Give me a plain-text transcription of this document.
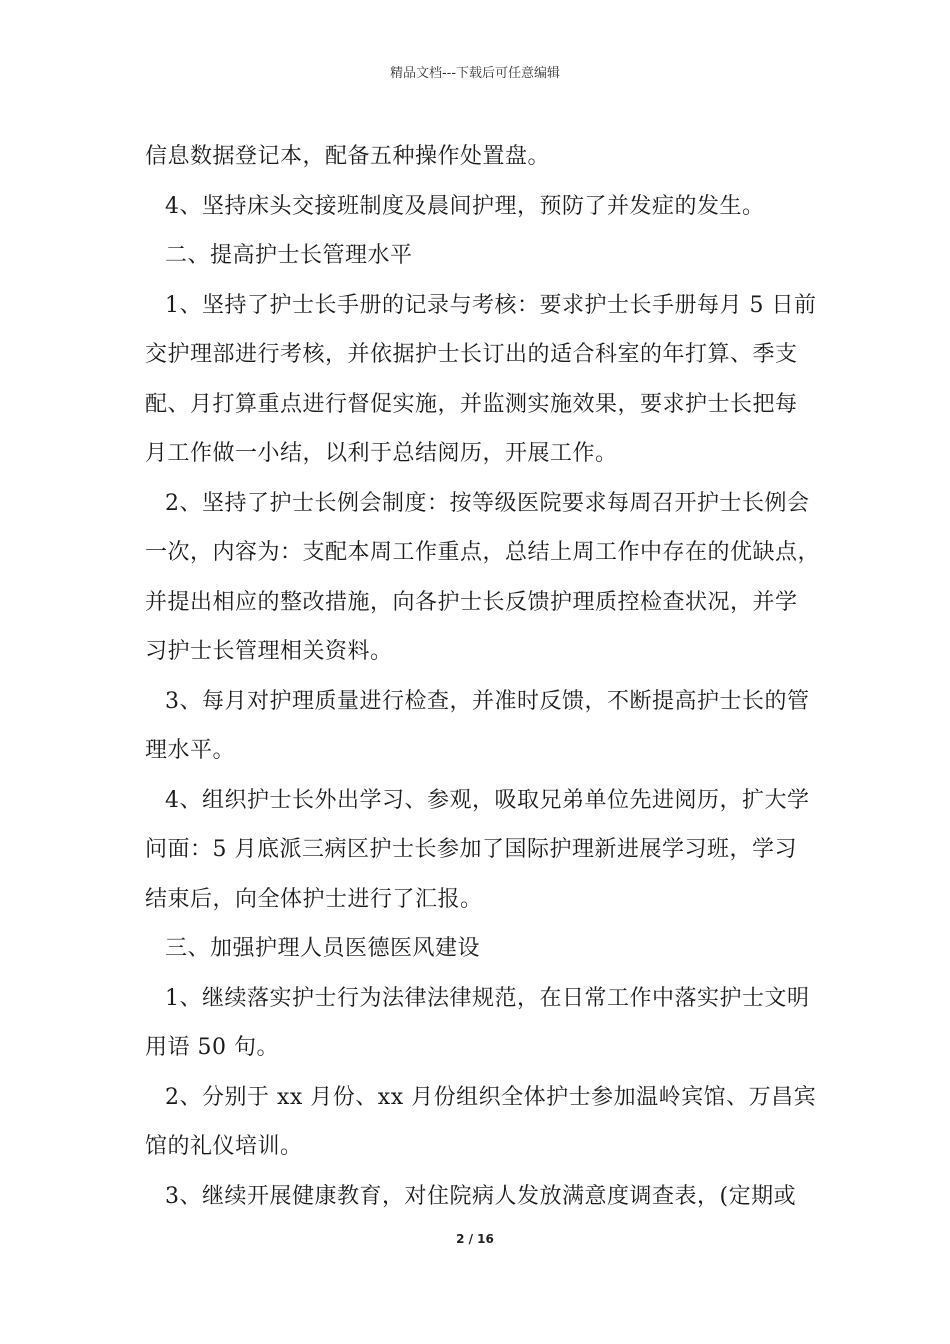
精品文档---下载后可任意编辑
信息数据登记本，配备五种操作处置盘。
4、坚持床头交接班制度及晨间护理，预防了并发症的发生。
二、提高护士长管理水平
1、坚持了护士长手册的记录与考核：要求护士长手册每月 5 日前
交护理部进行考核，并依据护士长订出的适合科室的年打算、季支
配、月打算重点进行督促实施，并监测实施效果，要求护士长把每
月工作做一小结，以利于总结阅历，开展工作。
2、坚持了护士长例会制度：按等级医院要求每周召开护士长例会
一次，内容为：支配本周工作重点，总结上周工作中存在的优缺点，
并提出相应的整改措施，向各护士长反馈护理质控检查状况，并学
习护士长管理相关资料。
3、每月对护理质量进行检查，并准时反馈，不断提高护士长的管
理水平。
4、组织护士长外出学习、参观，吸取兄弟单位先进阅历，扩大学
问面：5 月底派三病区护士长参加了国际护理新进展学习班，学习
结束后，向全体护士进行了汇报。
三、加强护理人员医德医风建设
1、继续落实护士行为法律法律规范，在日常工作中落实护士文明
用语 50 句。
2、分别于 xx 月份、xx 月份组织全体护士参加温岭宾馆、万昌宾
馆的礼仪培训。
3、继续开展健康教育，对住院病人发放满意度调查表，(定期或
2 / 16
